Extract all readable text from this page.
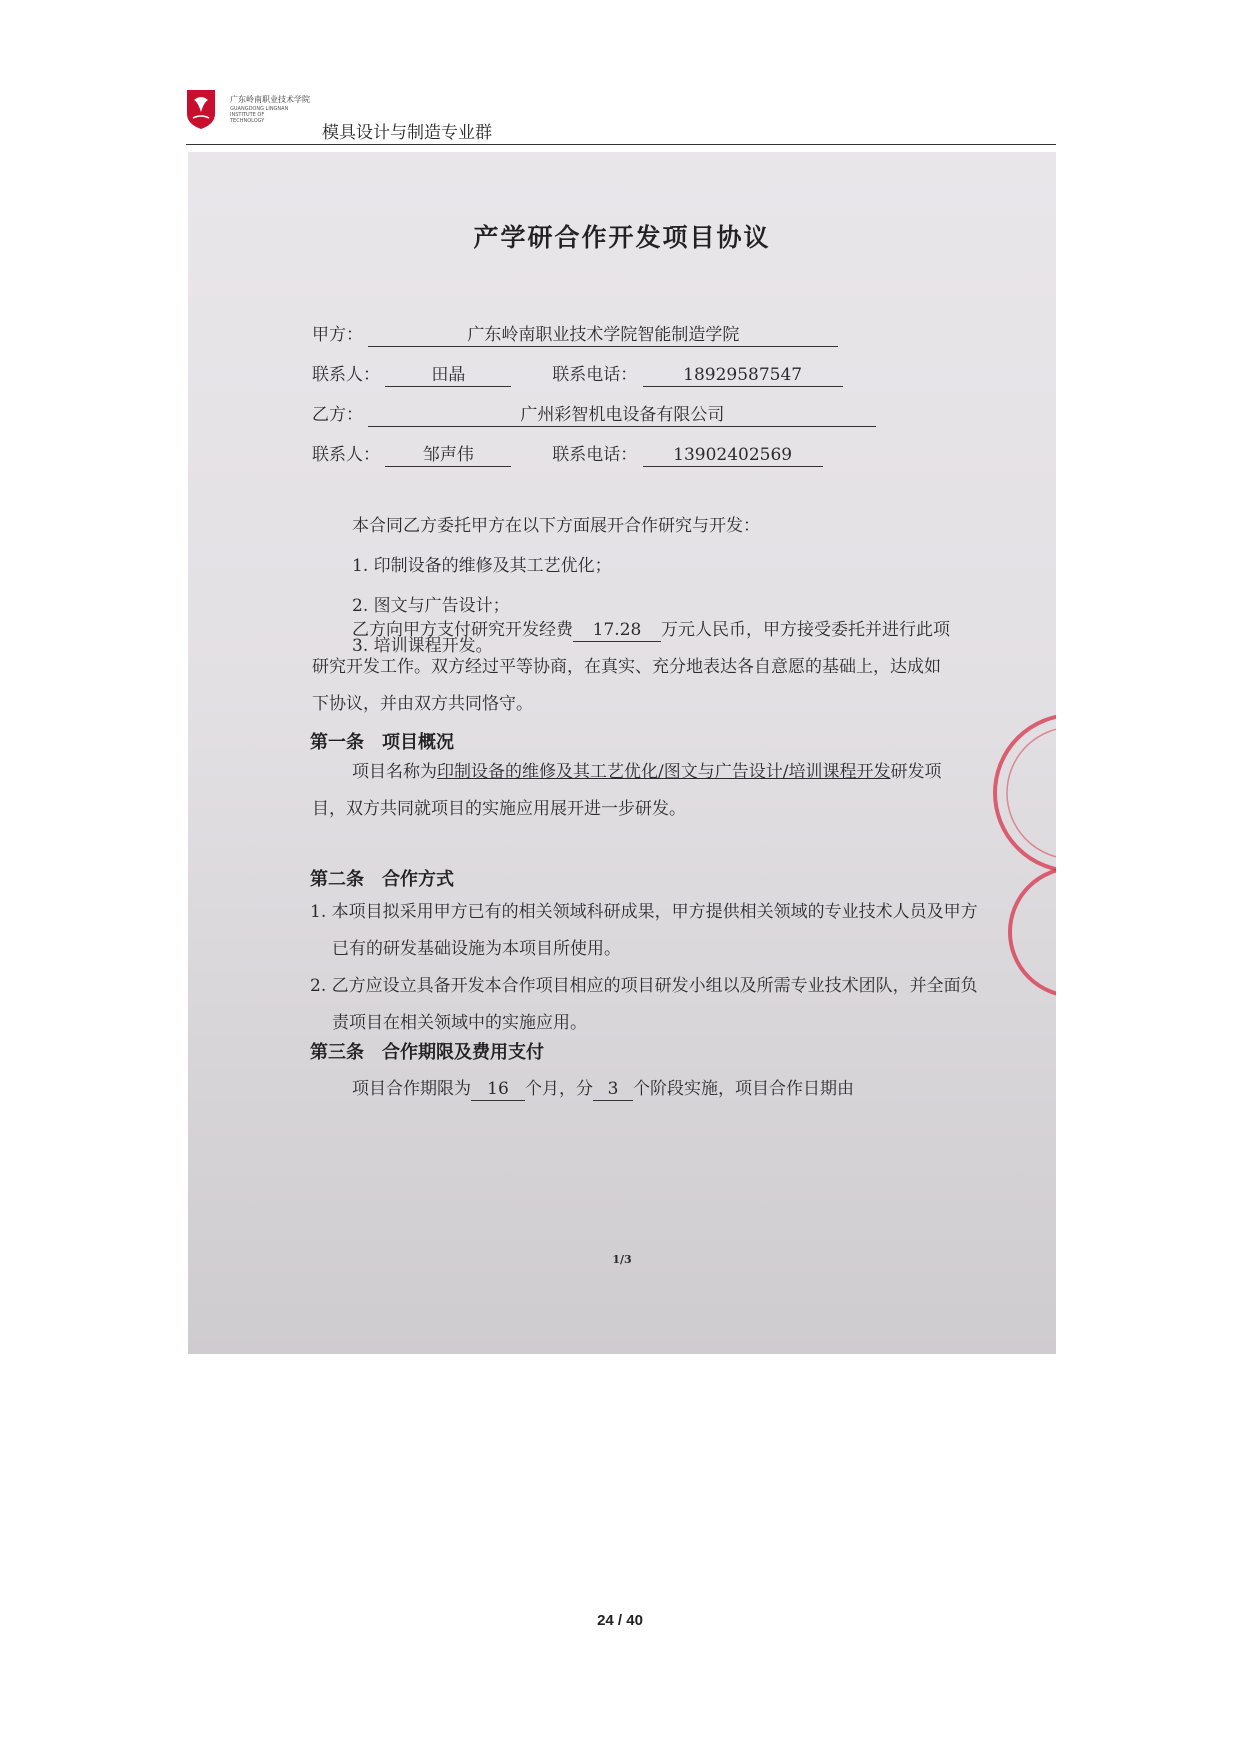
广东岭南职业技术学院
GUANGDONG LINGNAN INSTITUTE OF TECHNOLOGY
模具设计与制造专业群
产学研合作开发项目协议
甲方：	广东岭南职业技术学院智能制造学院
联系人：	田晶	联系电话：	18929587547
乙方：	广州彩智机电设备有限公司
联系人：	邹声伟	联系电话： 13902402569
本合同乙方委托甲方在以下方面展开合作研究与开发：
1. 印制设备的维修及其工艺优化；
2. 图文与广告设计；
3. 培训课程开发。
乙方向甲方支付研究开发经费 17.28 万元人民币，甲方接受委托并进行此项研究开发工作。双方经过平等协商，在真实、充分地表达各自意愿的基础上，达成如下协议，并由双方共同恪守。
第一条　项目概况
项目名称为印制设备的维修及其工艺优化/图文与广告设计/培训课程开发研发项目，双方共同就项目的实施应用展开进一步研发。
第二条　合作方式
1. 本项目拟采用甲方已有的相关领域科研成果，甲方提供相关领域的专业技术人员及甲方已有的研发基础设施为本项目所使用。
2. 乙方应设立具备开发本合作项目相应的项目研发小组以及所需专业技术团队，并全面负责项目在相关领域中的实施应用。
第三条　合作期限及费用支付
项目合作期限为 16 个月，分 3 个阶段实施，项目合作日期由
1/3
24 / 40
